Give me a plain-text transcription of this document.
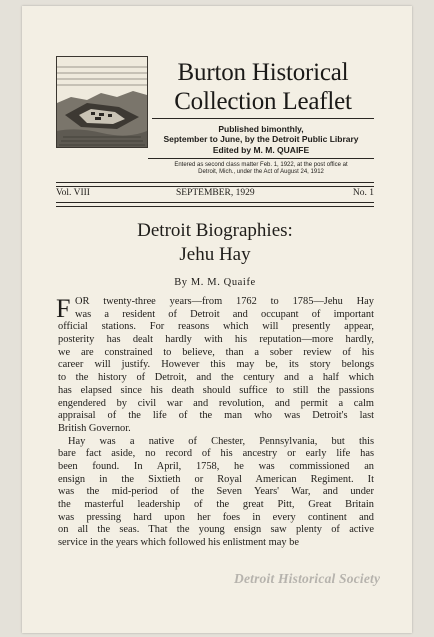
Burton Historical
Collection Leaflet
Published bimonthly,
September to June, by the Detroit Public Library
Edited by M. M. QUAIFE
Entered as second class matter Feb. 1, 1922, at the post office at
Detroit, Mich., under the Act of August 24, 1912
Vol. VIII	SEPTEMBER, 1929	No. 1
Detroit Biographies:
Jehu Hay
By M. M. Quaife
F OR twenty-three years—from 1762 to 1785—Jehu Hay
was a resident of Detroit and occupant of important
official stations. For reasons which will presently appear,
posterity has dealt hardly with his reputation—more hardly,
we are constrained to believe, than a sober review of his
career will justify. However this may be, its story belongs
to the history of Detroit, and the century and a half which
has elapsed since his death should suffice to still the passions
engendered by civil war and revolution, and permit a calm
appraisal of the life of the man who was Detroit's last
British Governor.
Hay was a native of Chester, Pennsylvania, but this
bare fact aside, no record of his ancestry or early life has
been found. In April, 1758, he was commissioned an
ensign in the Sixtieth or Royal American Regiment. It
was the mid-period of the Seven Years' War, and under
the masterful leadership of the great Pitt, Great Britain
was pressing hard upon her foes in every continent and
on all the seas. That the young ensign saw plenty of active
service in the years which followed his enlistment may be
Detroit Historical Society
